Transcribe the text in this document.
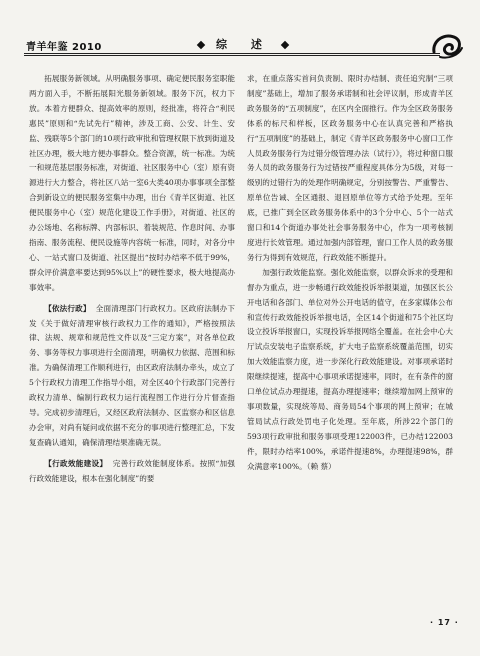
青羊年鉴 2010	综 述

拓展服务新领域。从明确服务事项、确定便民服务室职能两方面入手，不断拓展阳光服务新领域。服务下沉，权力下放。本着方便群众、提高效率的原则，经批准，将符合“利民惠民”原则和“先试先行”精神，涉及工商、公安、计生、安监、残联等5个部门的10项行政审批和管理权限下放到街道及社区办理，极大地方便办事群众。整合资源，统一标准。为统一和规范基层服务标准，对街道、社区服务中心（室）原有资源进行大力整合，将社区八站一室6大类40项办事事项全部整合到新设立的便民服务室集中办理，出台《青羊区街道、社区便民服务中心（室）规范化建设工作手册》，对街道、社区的办公场地、名称标牌、内部标识、着装规范、作息时间、办事指南、服务流程、便民设施等内容统一标准，同时，对各分中心、一站式窗口及街道、社区提出“按时办结率不低于99%，群众评价满意率要达到95%以上”的硬性要求，极大地提高办事效率。

【依法行政】 全面清理部门行政权力。区政府法制办下发《关于做好清理审核行政权力工作的通知》，严格按照法律、法规、规章和规范性文件以及“三定方案”，对各单位政务、事务等权力事项进行全面清理，明确权力依据、范围和标准。为确保清理工作顺利进行，由区政府法制办牵头，成立了5个行政权力清理工作指导小组，对全区40个行政部门完善行政权力清单、编制行政权力运行流程图工作进行分片督查指导。完成初步清理后，又经区政府法制办、区监察办和区信息办会审，对尚有疑问或依据不充分的事项进行整理汇总，下发复查确认通知，确保清理结果准确无误。

【行政效能建设】 完善行政效能制度体系。按照“加强行政效能建设，根本在强化制度”的要

求，在重点落实首问负责制、限时办结制、责任追究制“三项制度”基础上，增加了服务承诺制和社会评议制，形成青羊区政务服务的“五项制度”，在区内全面推行。作为全区政务服务体系的标尺和样板，区政务服务中心在认真完善和严格执行“五项制度”的基础上，制定《青羊区政务服务中心窗口工作人员政务服务行为过错分级管理办法（试行）》，将过种窗口服务人员的政务服务行为过错按严重程度具体分为5级，对每一级别的过错行为的处理作明确规定，分别按警告、严重警告、原单位告诫、全区通报、退回原单位等方式给予处理。至年底，已推广到全区政务服务体系中的3个分中心、5个一站式窗口和14个街道办事处社会事务服务中心，作为一项考核制度进行长效管理。通过加强内部管理，窗口工作人员的政务服务行为得到有效规范，行政效能不断提升。

加强行政效能监察。强化效能监察，以群众诉求的受理和督办为重点，进一步畅通行政效能投诉举报渠道，加强区长公开电话和各部门、单位对外公开电话的值守，在多家媒体公布和宣传行政效能投诉举报电话，全区14个街道和75个社区均设立投诉举报窗口，实现投诉举报网络全覆盖。在社会中心大厅试点安装电子监察系统，扩大电子监察系统覆盖范围，切实加大效能监察力度，进一步深化行政效能建设。对事项承诺时限继续提速，提高中心事项承诺提速率，同时，在有条件的窗口单位试点办理提速，提高办理提速率；继续增加网上预审的事项数量，实现统等局、商务局54个事项的网上预审；在城管局试点行政处罚电子化处理。至年底，所涉22个部门的593项行政审批和服务事项受理122003件，已办结122003件，限时办结率100%，承诺件提速8%，办理提速98%，群众满意率100%。（赖 蔡）

· 17 ·
